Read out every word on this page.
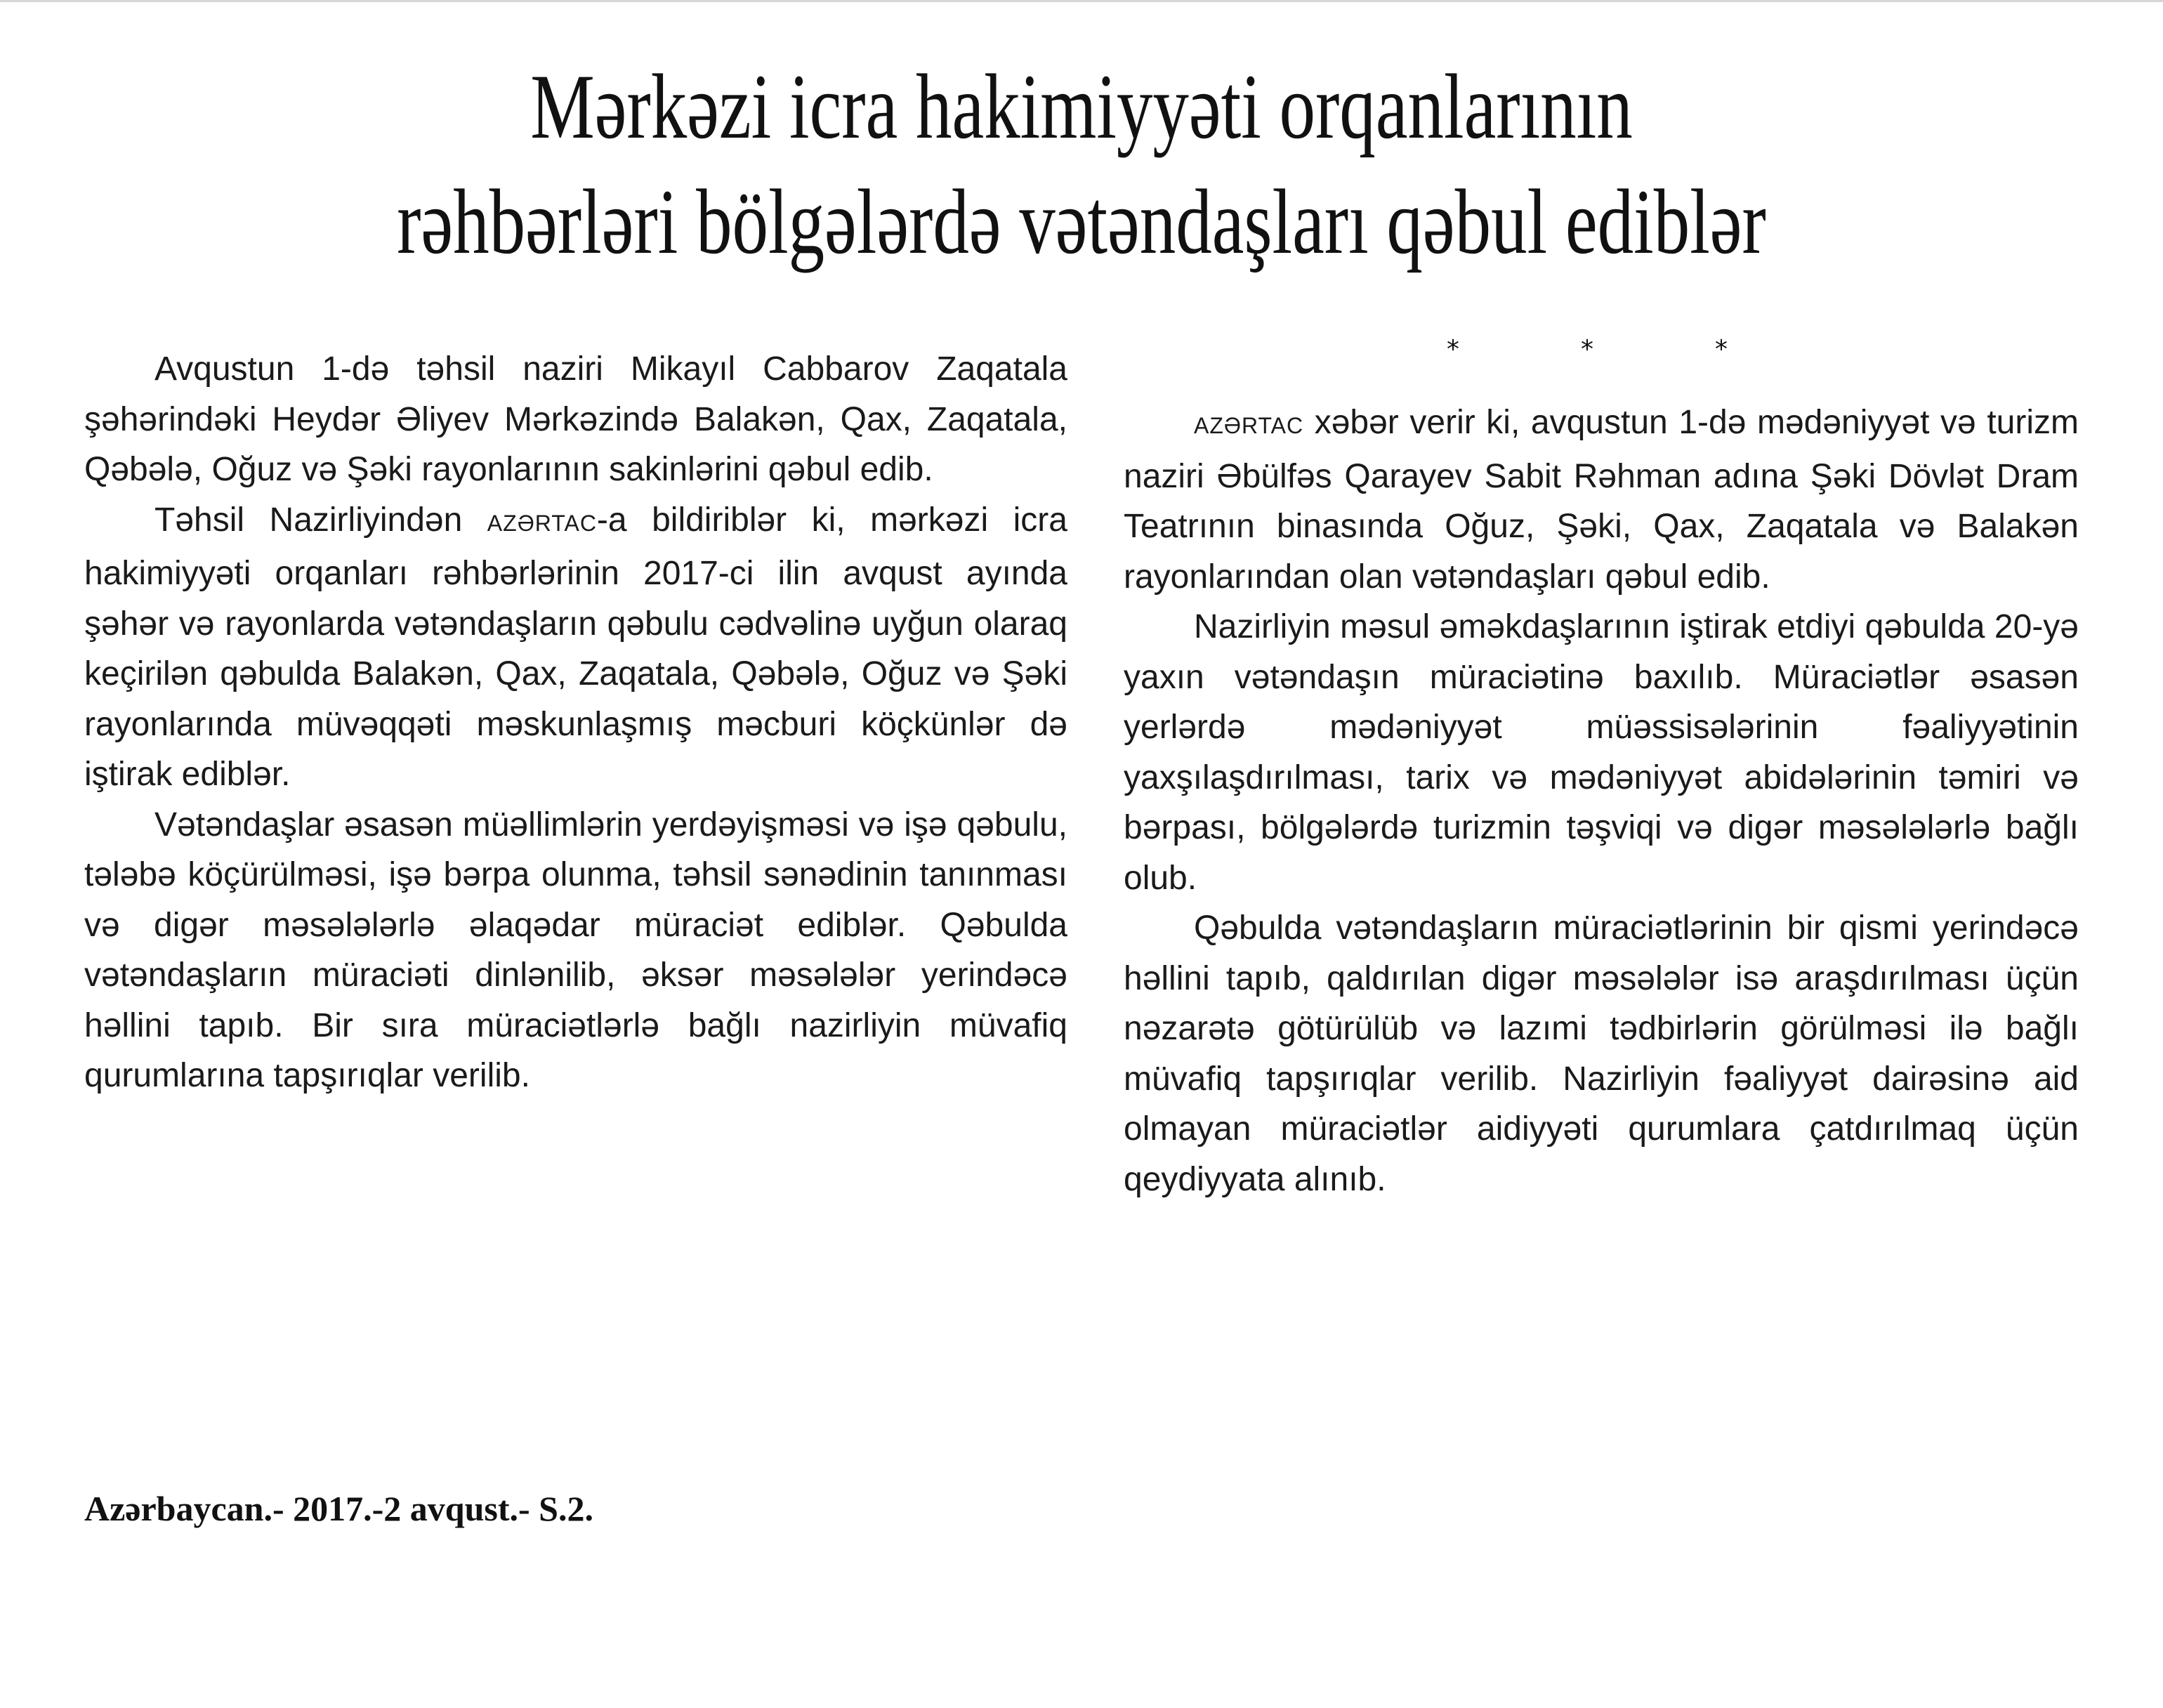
Mərkəzi icra hakimiyyəti orqanlarının
rəhbərləri bölgələrdə vətəndaşları qəbul ediblər

Avqustun 1-də təhsil naziri Mikayıl Cabbarov Zaqatala şəhərindəki Heydər Əliyev Mərkəzində Balakən, Qax, Zaqatala, Qəbələ, Oğuz və Şəki rayonlarının sakinlərini qəbul edib.

Təhsil Nazirliyindən AZƏRTAC-a bildiriblər ki, mərkəzi icra hakimiyyəti orqanları rəhbərlərinin 2017-ci ilin avqust ayında şəhər və rayonlarda vətəndaşların qəbulu cədvəlinə uyğun olaraq keçirilən qəbulda Balakən, Qax, Zaqatala, Qəbələ, Oğuz və Şəki rayonlarında müvəqqəti məskunlaşmış məcburi köçkünlər də iştirak ediblər.

Vətəndaşlar əsasən müəllimlərin yerdəyişməsi və işə qəbulu, tələbə köçürülməsi, işə bərpa olunma, təhsil sənədinin tanınması və digər məsələlərlə əlaqədar müraciət ediblər. Qəbulda vətəndaşların müraciəti dinlənilib, əksər məsələlər yerindəcə həllini tapıb. Bir sıra müraciətlərlə bağlı nazirliyin müvafiq qurumlarına tapşırıqlar verilib.

*	*	*

AZƏRTAC xəbər verir ki, avqustun 1-də mədəniyyət və turizm naziri Əbülfəs Qarayev Sabit Rəhman adına Şəki Dövlət Dram Teatrının binasında Oğuz, Şəki, Qax, Zaqatala və Balakən rayonlarından olan vətəndaşları qəbul edib.

Nazirliyin məsul əməkdaşlarının iştirak etdiyi qəbulda 20-yə yaxın vətəndaşın müraciətinə baxılıb. Müraciətlər əsasən yerlərdə mədəniyyət müəssisələrinin fəaliyyətinin yaxşılaşdırılması, tarix və mədəniyyət abidələrinin təmiri və bərpası, bölgələrdə turizmin təşviqi və digər məsələlərlə bağlı olub.

Qəbulda vətəndaşların müraciətlərinin bir qismi yerindəcə həllini tapıb, qaldırılan digər məsələlər isə araşdırılması üçün nəzarətə götürülüb və lazımi tədbirlərin görülməsi ilə bağlı müvafiq tapşırıqlar verilib. Nazirliyin fəaliyyət dairəsinə aid olmayan müraciətlər aidiyyəti qurumlara çatdırılmaq üçün qeydiyyata alınıb.

Azərbaycan.- 2017.-2 avqust.- S.2.
